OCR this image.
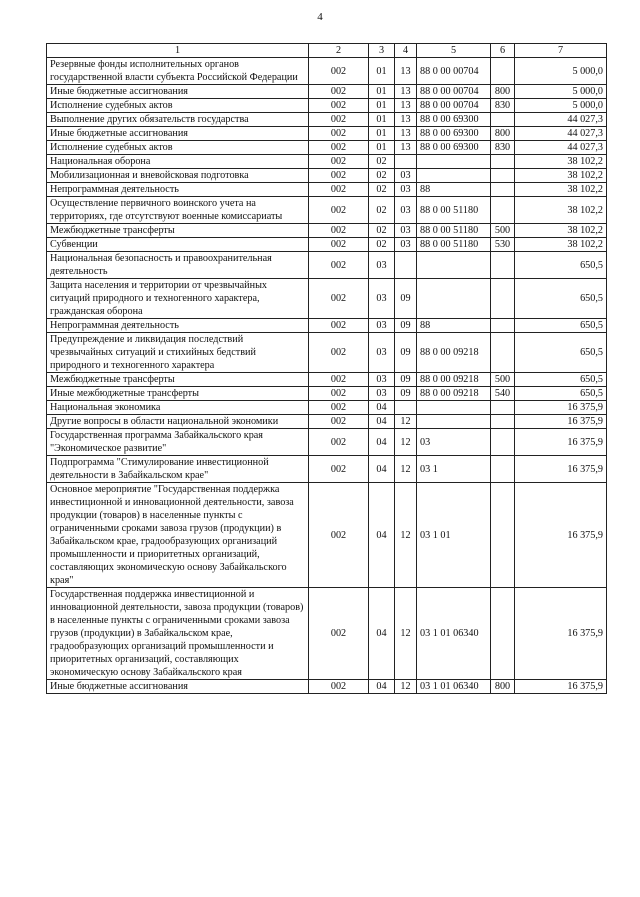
4
1	2	3	4	5	6	7
Резервные фонды исполнительных органов государственной власти субъекта Российской Федерации	002	01	13	88 0 00 00704		5 000,0
Иные бюджетные ассигнования	002	01	13	88 0 00 00704	800	5 000,0
Исполнение судебных актов	002	01	13	88 0 00 00704	830	5 000,0
Выполнение других обязательств государства	002	01	13	88 0 00 69300		44 027,3
Иные бюджетные ассигнования	002	01	13	88 0 00 69300	800	44 027,3
Исполнение судебных актов	002	01	13	88 0 00 69300	830	44 027,3
Национальная оборона	002	02				38 102,2
Мобилизационная и вневойсковая подготовка	002	02	03			38 102,2
Непрограммная деятельность	002	02	03	88		38 102,2
Осуществление первичного воинского учета на территориях, где отсутствуют военные комиссариаты	002	02	03	88 0 00 51180		38 102,2
Межбюджетные трансферты	002	02	03	88 0 00 51180	500	38 102,2
Субвенции	002	02	03	88 0 00 51180	530	38 102,2
Национальная безопасность и правоохранительная деятельность	002	03				650,5
Защита населения и территории от чрезвычайных ситуаций природного и техногенного характера, гражданская оборона	002	03	09			650,5
Непрограммная деятельность	002	03	09	88		650,5
Предупреждение и ликвидация последствий чрезвычайных ситуаций и стихийных бедствий природного и техногенного характера	002	03	09	88 0 00 09218		650,5
Межбюджетные трансферты	002	03	09	88 0 00 09218	500	650,5
Иные межбюджетные трансферты	002	03	09	88 0 00 09218	540	650,5
Национальная экономика	002	04				16 375,9
Другие вопросы в области национальной экономики	002	04	12			16 375,9
Государственная программа Забайкальского края "Экономическое развитие"	002	04	12	03		16 375,9
Подпрограмма "Стимулирование инвестиционной деятельности в Забайкальском крае"	002	04	12	03 1		16 375,9
Основное мероприятие "Государственная поддержка инвестиционной и инновационной деятельности, завоза продукции (товаров) в населенные пункты с ограниченными сроками завоза грузов (продукции) в Забайкальском крае, градообразующих организаций промышленности и приоритетных организаций, составляющих экономическую основу Забайкальского края"	002	04	12	03 1 01		16 375,9
Государственная поддержка инвестиционной и инновационной деятельности, завоза продукции (товаров) в населенные пункты с ограниченными сроками завоза грузов (продукции) в Забайкальском крае, градообразующих организаций промышленности и приоритетных организаций, составляющих экономическую основу Забайкальского края	002	04	12	03 1 01 06340		16 375,9
Иные бюджетные ассигнования	002	04	12	03 1 01 06340	800	16 375,9
